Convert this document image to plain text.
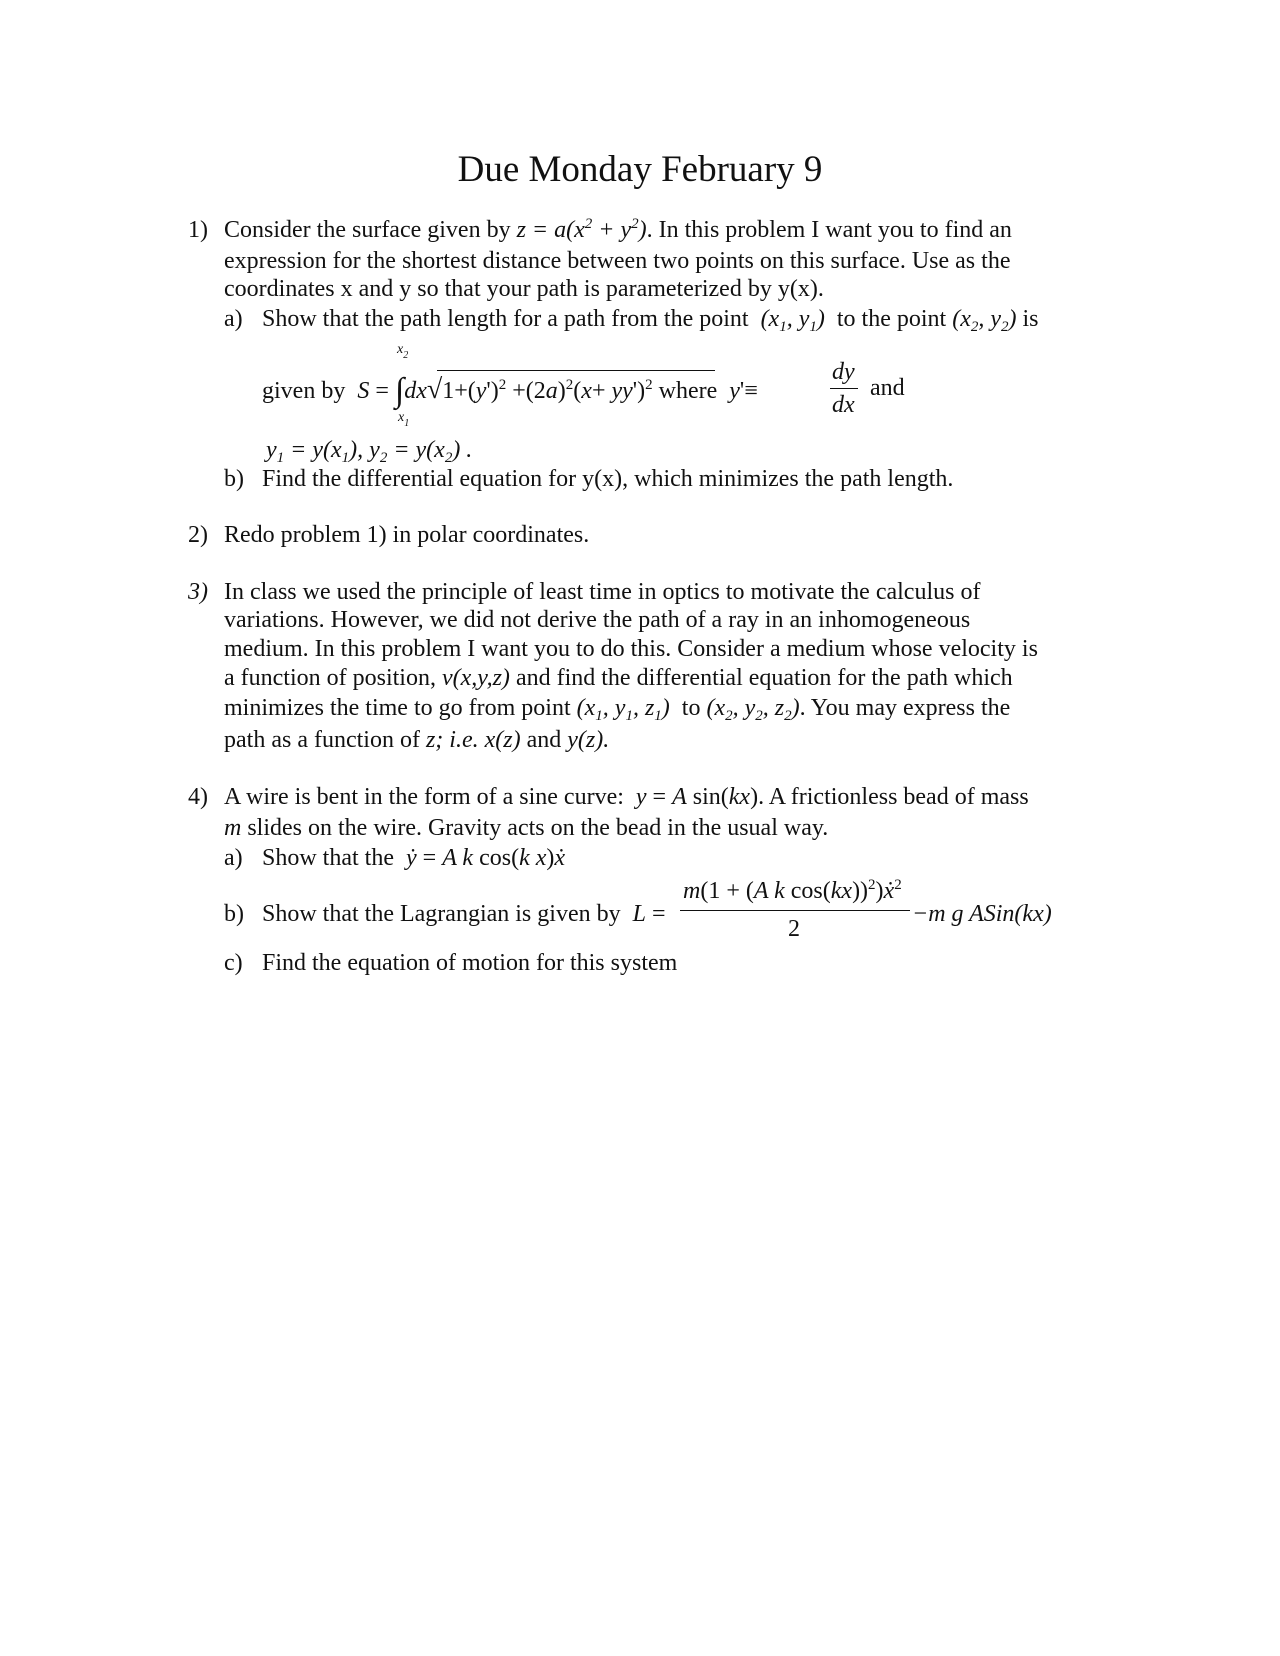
Due Monday February 9
1) Consider the surface given by $z = a(x^2 + y^2)$. In this problem I want you to find an
expression for the shortest distance between two points on this surface. Use as the
coordinates x and y so that your path is parameterized by y(x).
a) Show that the path length for a path from the point ($x_1$, $y_1$) to the point ($x_2$, $y_2$) is
$x_2$
$x_1$
given by $S = \int dx√1+(y')^2 +(2a)^2(x+ yy')^2$ where y'≡
dy
dx
and
$y_1 = y(x_1)$, $y_2 = y(x_2)$ .
b) Find the differential equation for y(x), which minimizes the path length.
2) Redo problem 1) in polar coordinates.
3) In class we used the principle of least time in optics to motivate the calculus of
variations. However, we did not derive the path of a ray in an inhomogeneous
medium. In this problem I want you to do this. Consider a medium whose velocity is
a function of position, v(x,y,z) and find the differential equation for the path which
minimizes the time to go from point ($x_1$, $y_1$, $z_1$) to ($x_2$, $y_2$, $z_2$). You may express the
path as a function of z; i.e. x(z) and y(z).
4) A wire is bent in the form of a sine curve: y = A sin(kx). A frictionless bead of mass
m slides on the wire. Gravity acts on the bead in the usual way.
a) Show that the ẏ = A k cos(k x)ẋ
b) Show that the Lagrangian is given by L =
m(1 + (A k cos(kx))$^2$)ẋ$^2$
2
−m g ASin(kx)
c) Find the equation of motion for this system
